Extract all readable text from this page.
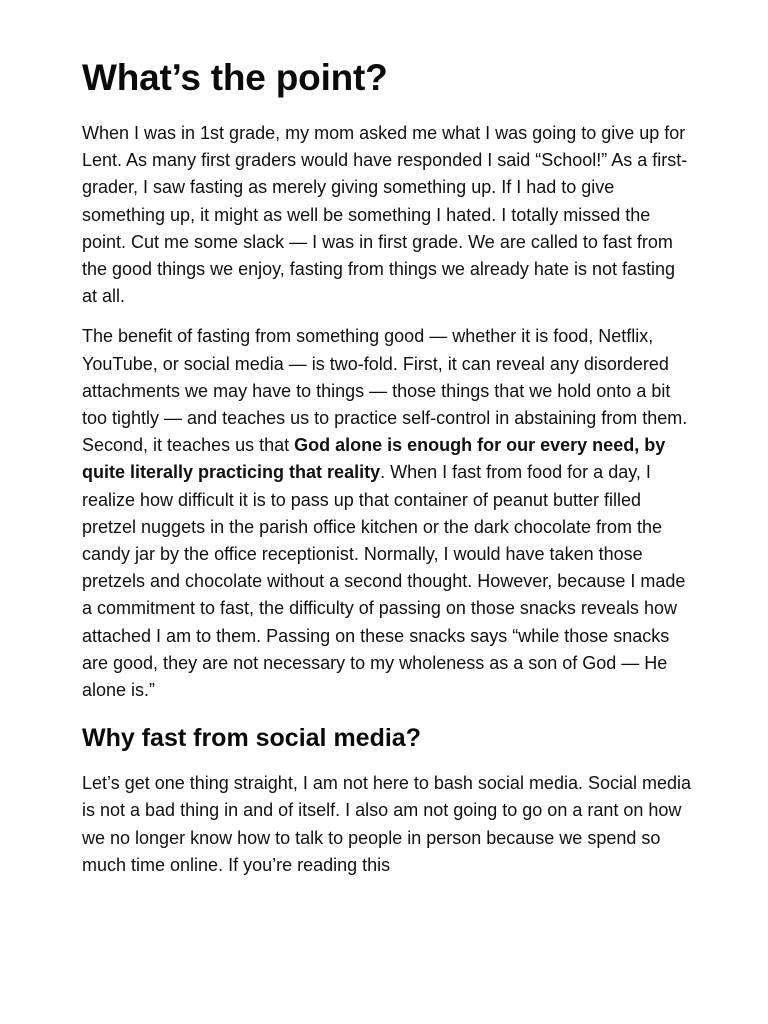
What’s the point?

When I was in 1st grade, my mom asked me what I was going to give up for Lent. As many first graders would have responded I said “School!” As a first-grader, I saw fasting as merely giving something up. If I had to give something up, it might as well be something I hated. I totally missed the point. Cut me some slack — I was in first grade. We are called to fast from the good things we enjoy, fasting from things we already hate is not fasting at all.

The benefit of fasting from something good — whether it is food, Netflix, YouTube, or social media — is two-fold. First, it can reveal any disordered attachments we may have to things — those things that we hold onto a bit too tightly — and teaches us to practice self-control in abstaining from them. Second, it teaches us that God alone is enough for our every need, by quite literally practicing that reality. When I fast from food for a day, I realize how difficult it is to pass up that container of peanut butter filled pretzel nuggets in the parish office kitchen or the dark chocolate from the candy jar by the office receptionist. Normally, I would have taken those pretzels and chocolate without a second thought. However, because I made a commitment to fast, the difficulty of passing on those snacks reveals how attached I am to them. Passing on these snacks says “while those snacks are good, they are not necessary to my wholeness as a son of God — He alone is.”

Why fast from social media?

Let’s get one thing straight, I am not here to bash social media. Social media is not a bad thing in and of itself. I also am not going to go on a rant on how we no longer know how to talk to people in person because we spend so much time online. If you’re reading this
